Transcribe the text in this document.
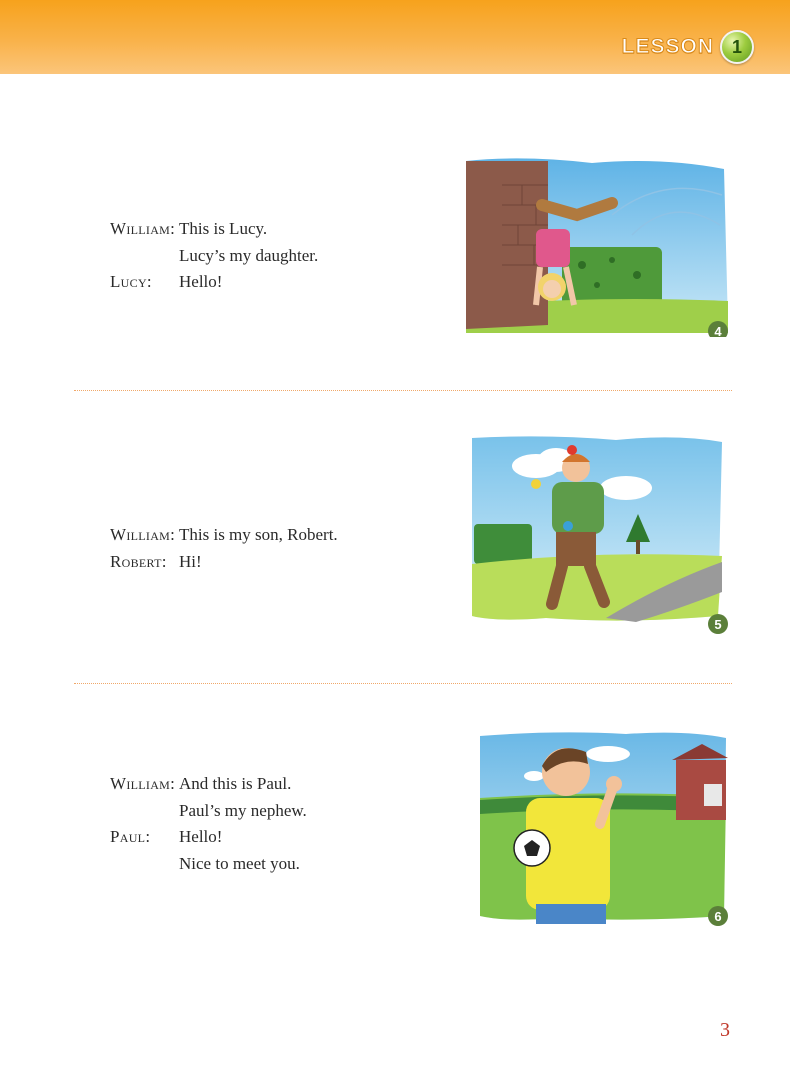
LESSON 1
William: This is Lucy.
Lucy’s my daughter.
Lucy:	Hello!
4
William: This is my son, Robert.
Robert: Hi!
5
William: And this is Paul.
Paul’s my nephew.
Paul:	Hello!
Nice to meet you.
6
3
